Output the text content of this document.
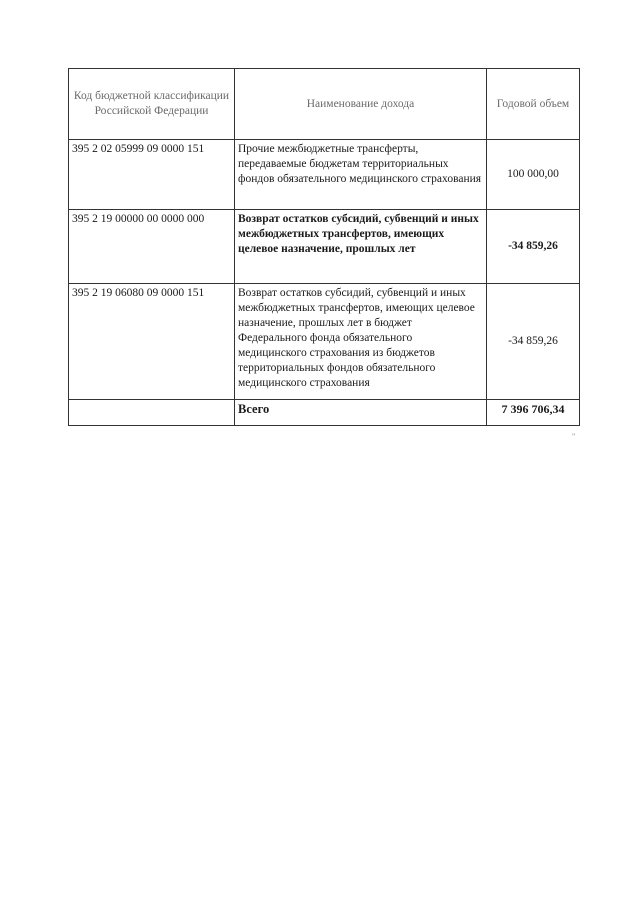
Код бюджетной классификации Российской Федерации	Наименование дохода	Годовой объем
395 2 02 05999 09 0000 151	Прочие межбюджетные трансферты, передаваемые бюджетам территориальных фондов обязательного медицинского страхования	100 000,00
395 2 19 00000 00 0000 000	Возврат остатков субсидий, субвенций и иных межбюджетных трансфертов, имеющих целевое назначение, прошлых лет	-34 859,26
395 2 19 06080 09 0000 151	Возврат остатков субсидий, субвенций и иных межбюджетных трансфертов, имеющих целевое назначение, прошлых лет в бюджет Федерального фонда обязательного медицинского страхования из бюджетов территориальных фондов обязательного медицинского страхования	-34 859,26
	Всего	7 396 706,34
"
